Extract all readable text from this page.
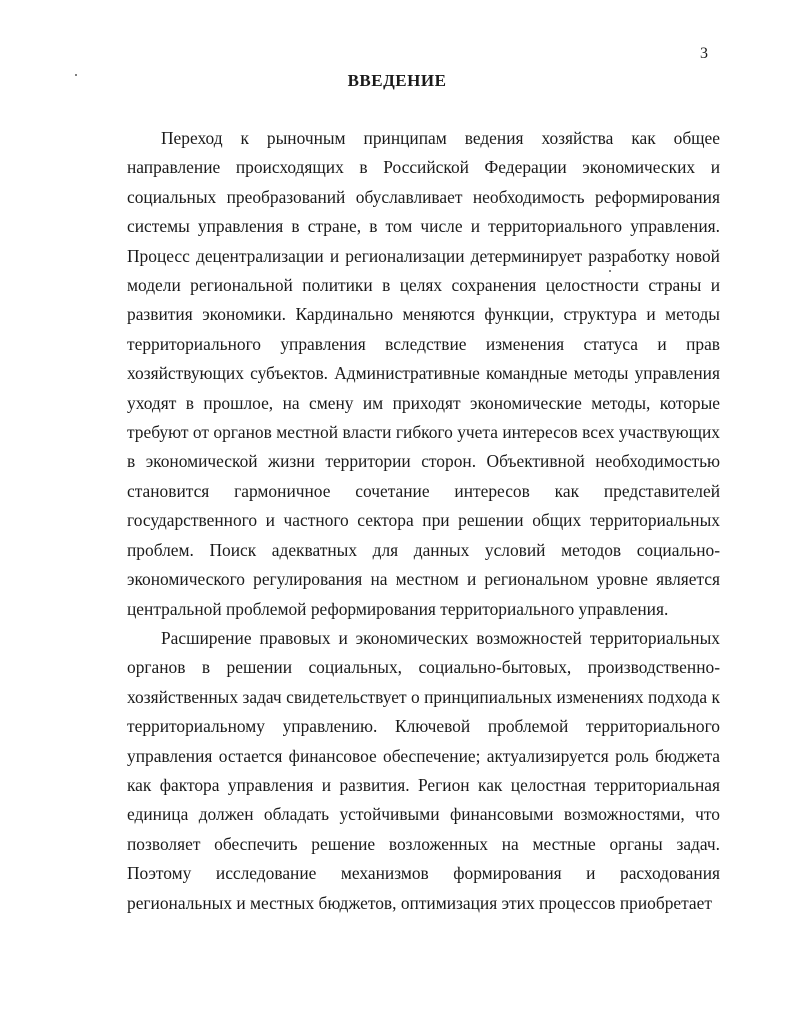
3
ВВЕДЕНИЕ

Переход к рыночным принципам ведения хозяйства как общее направление происходящих в Российской Федерации экономических и социальных преобразований обуславливает необходимость реформирования системы управления в стране, в том числе и территориального управления. Процесс децентрализации и регионализации детерминирует разработку новой модели региональной политики в целях сохранения целостности страны и развития экономики. Кардинально меняются функции, структура и методы территориального управления вследствие изменения статуса и прав хозяйствующих субъектов. Административные командные методы управления уходят в прошлое, на смену им приходят экономические методы, которые требуют от органов местной власти гибкого учета интересов всех участвующих в экономической жизни территории сторон. Объективной необходимостью становится гармоничное сочетание интересов как представителей государственного и частного сектора при решении общих территориальных проблем. Поиск адекватных для данных условий методов социально-экономического регулирования на местном и региональном уровне является центральной проблемой реформирования территориального управления.

Расширение правовых и экономических возможностей территориальных органов в решении социальных, социально-бытовых, производственно-хозяйственных задач свидетельствует о принципиальных изменениях подхода к территориальному управлению. Ключевой проблемой территориального управления остается финансовое обеспечение; актуализируется роль бюджета как фактора управления и развития. Регион как целостная территориальная единица должен обладать устойчивыми финансовыми возможностями, что позволяет обеспечить решение возложенных на местные органы задач. Поэтому исследование механизмов формирования и расходования региональных и местных бюджетов, оптимизация этих процессов приобретает
